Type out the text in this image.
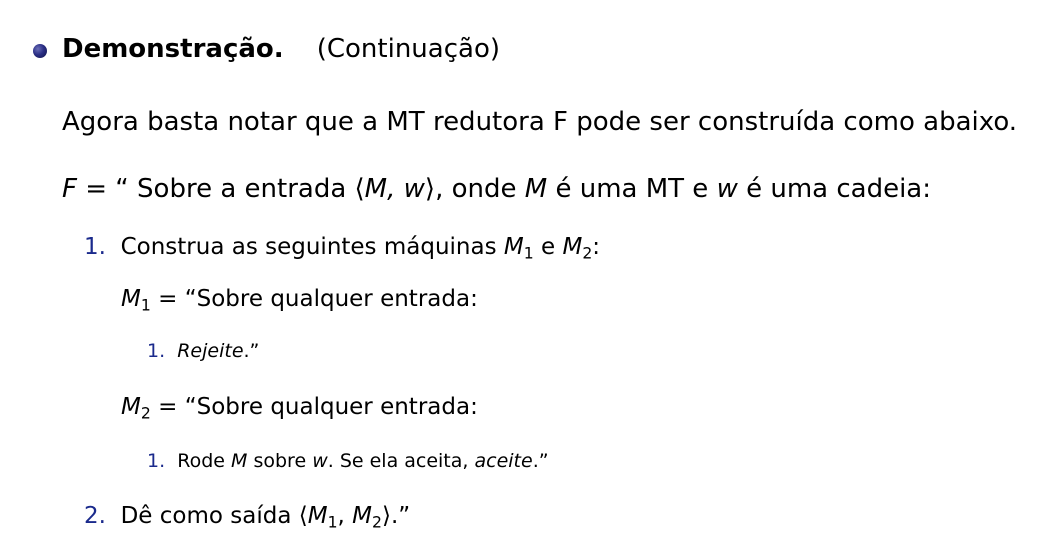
Demonstração. (Continuação)
Agora basta notar que a MT redutora F pode ser construída como abaixo.
F = “ Sobre a entrada ⟨M, w⟩, onde M é uma MT e w é uma cadeia:
1. Construa as seguintes máquinas $M_1$ e $M_2$:
$M_1$ = “Sobre qualquer entrada:
1. Rejeite.”
$M_2$ = “Sobre qualquer entrada:
1. Rode M sobre w. Se ela aceita, aceite.”
2. Dê como saída $⟨M_1$, $M_2⟩$.”
